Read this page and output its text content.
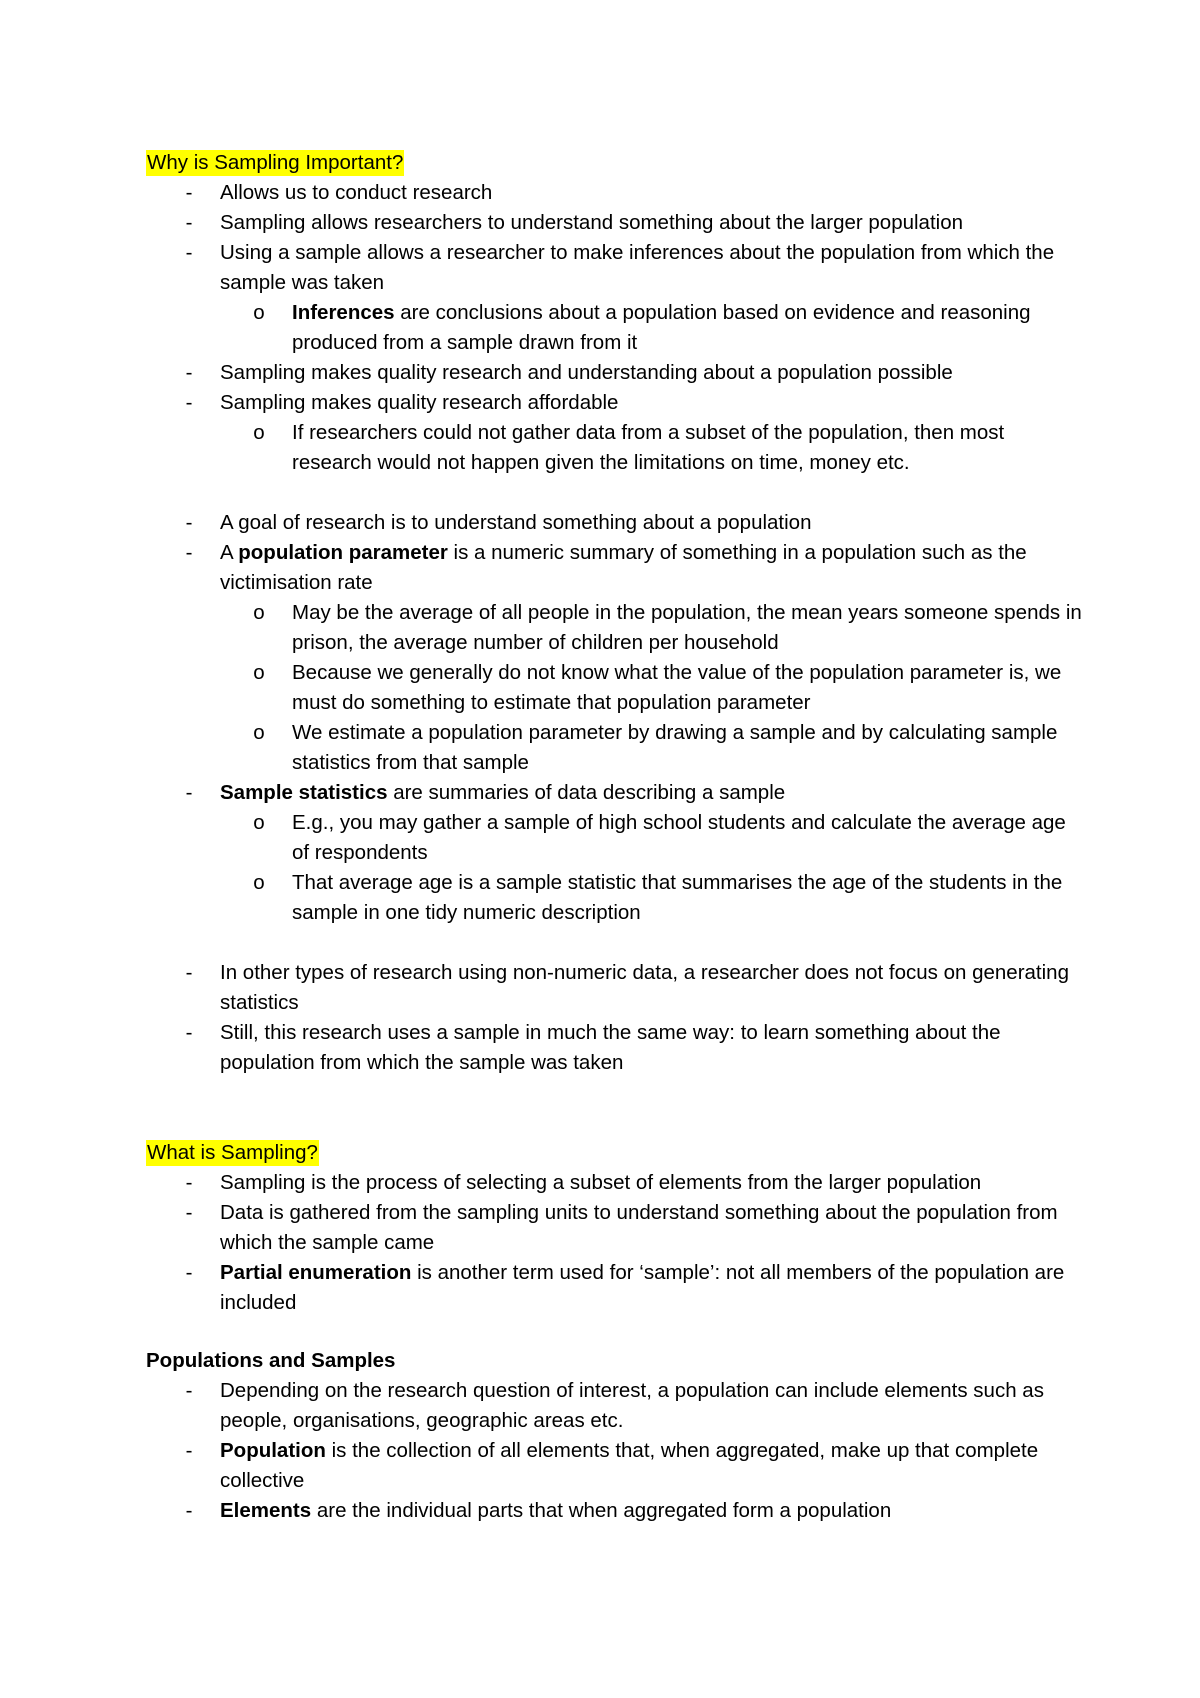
Why is Sampling Important?
- Allows us to conduct research
- Sampling allows researchers to understand something about the larger population
- Using a sample allows a researcher to make inferences about the population from which the sample was taken
o Inferences are conclusions about a population based on evidence and reasoning produced from a sample drawn from it
- Sampling makes quality research and understanding about a population possible
- Sampling makes quality research affordable
o If researchers could not gather data from a subset of the population, then most research would not happen given the limitations on time, money etc.
- A goal of research is to understand something about a population
- A population parameter is a numeric summary of something in a population such as the victimisation rate
o May be the average of all people in the population, the mean years someone spends in prison, the average number of children per household
o Because we generally do not know what the value of the population parameter is, we must do something to estimate that population parameter
o We estimate a population parameter by drawing a sample and by calculating sample statistics from that sample
- Sample statistics are summaries of data describing a sample
o E.g., you may gather a sample of high school students and calculate the average age of respondents
o That average age is a sample statistic that summarises the age of the students in the sample in one tidy numeric description
- In other types of research using non-numeric data, a researcher does not focus on generating statistics
- Still, this research uses a sample in much the same way: to learn something about the population from which the sample was taken
What is Sampling?
- Sampling is the process of selecting a subset of elements from the larger population
- Data is gathered from the sampling units to understand something about the population from which the sample came
- Partial enumeration is another term used for ‘sample’: not all members of the population are included
Populations and Samples
- Depending on the research question of interest, a population can include elements such as people, organisations, geographic areas etc.
- Population is the collection of all elements that, when aggregated, make up that complete collective
- Elements are the individual parts that when aggregated form a population
